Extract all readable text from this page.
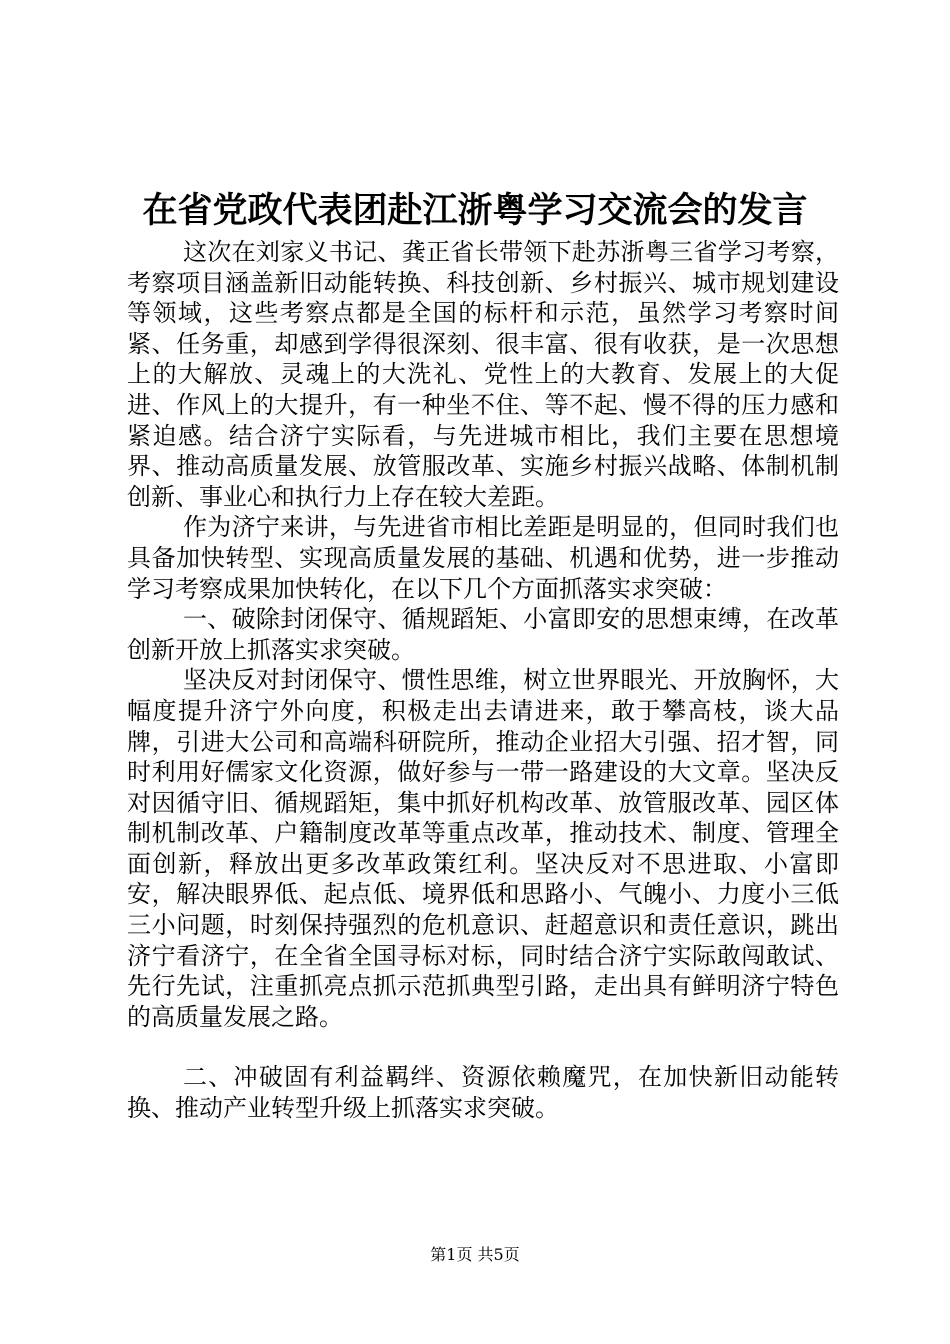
在省党政代表团赴江浙粤学习交流会的发言

这次在刘家义书记、龚正省长带领下赴苏浙粤三省学习考察，考察项目涵盖新旧动能转换、科技创新、乡村振兴、城市规划建设等领域，这些考察点都是全国的标杆和示范，虽然学习考察时间紧、任务重，却感到学得很深刻、很丰富、很有收获，是一次思想上的大解放、灵魂上的大洗礼、党性上的大教育、发展上的大促进、作风上的大提升，有一种坐不住、等不起、慢不得的压力感和紧迫感。结合济宁实际看，与先进城市相比，我们主要在思想境界、推动高质量发展、放管服改革、实施乡村振兴战略、体制机制创新、事业心和执行力上存在较大差距。

作为济宁来讲，与先进省市相比差距是明显的，但同时我们也具备加快转型、实现高质量发展的基础、机遇和优势，进一步推动学习考察成果加快转化，在以下几个方面抓落实求突破：

一、破除封闭保守、循规蹈矩、小富即安的思想束缚，在改革创新开放上抓落实求突破。

坚决反对封闭保守、惯性思维，树立世界眼光、开放胸怀，大幅度提升济宁外向度，积极走出去请进来，敢于攀高枝，谈大品牌，引进大公司和高端科研院所，推动企业招大引强、招才智，同时利用好儒家文化资源，做好参与一带一路建设的大文章。坚决反对因循守旧、循规蹈矩，集中抓好机构改革、放管服改革、园区体制机制改革、户籍制度改革等重点改革，推动技术、制度、管理全面创新，释放出更多改革政策红利。坚决反对不思进取、小富即安，解决眼界低、起点低、境界低和思路小、气魄小、力度小三低三小问题，时刻保持强烈的危机意识、赶超意识和责任意识，跳出济宁看济宁，在全省全国寻标对标，同时结合济宁实际敢闯敢试、先行先试，注重抓亮点抓示范抓典型引路，走出具有鲜明济宁特色的高质量发展之路。

二、冲破固有利益羁绊、资源依赖魔咒，在加快新旧动能转换、推动产业转型升级上抓落实求突破。

第1页 共5页
